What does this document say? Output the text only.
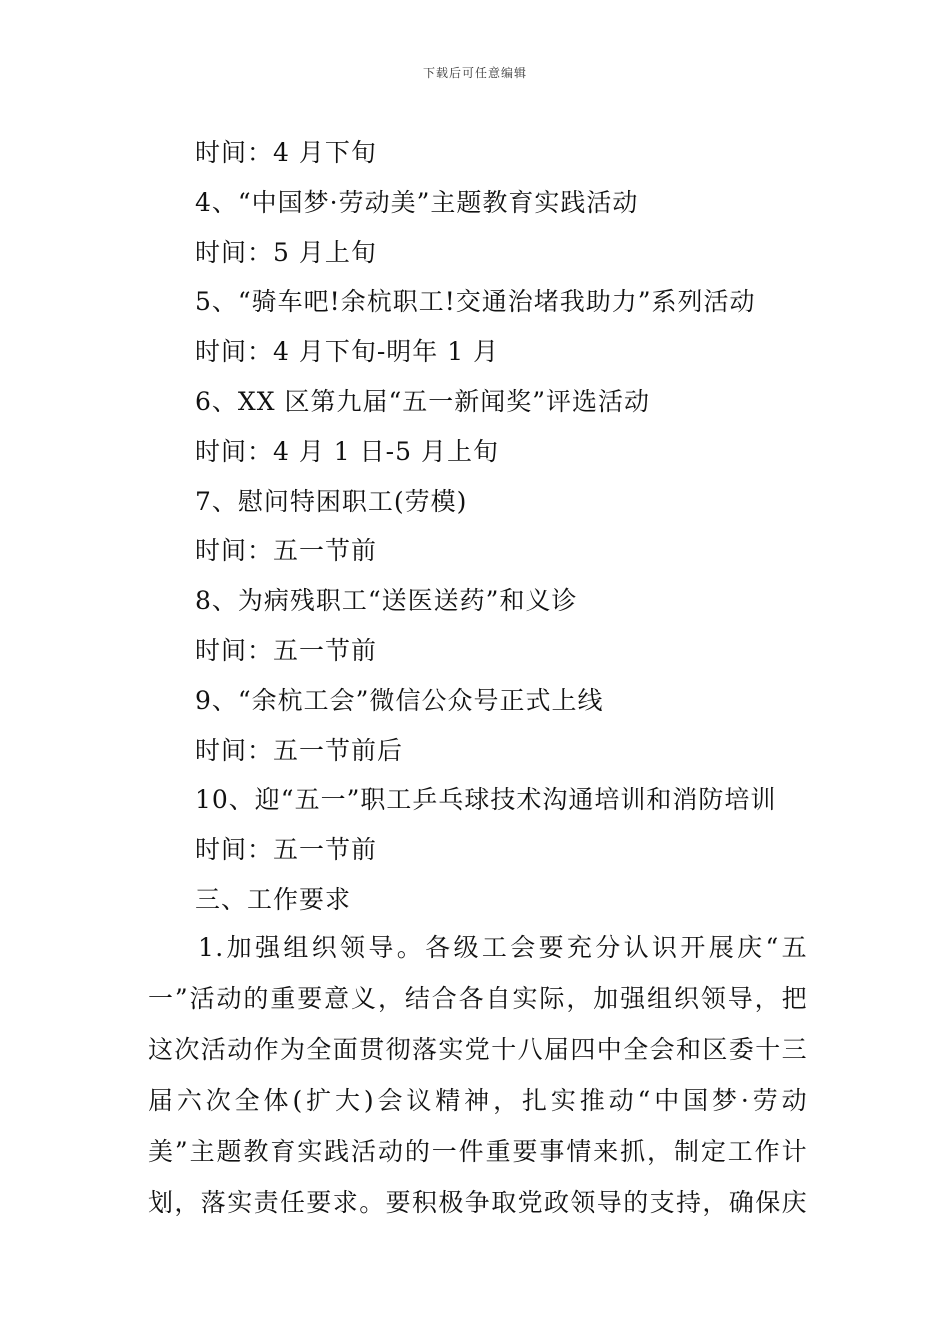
下载后可任意编辑
时间：4 月下旬
4、“中国梦·劳动美”主题教育实践活动
时间：5 月上旬
5、“骑车吧!余杭职工!交通治堵我助力”系列活动
时间：4 月下旬-明年 1 月
6、XX 区第九届“五一新闻奖”评选活动
时间：4 月 1 日-5 月上旬
7、慰问特困职工(劳模)
时间：五一节前
8、为病残职工“送医送药”和义诊
时间：五一节前
9、“余杭工会”微信公众号正式上线
时间：五一节前后
10、迎“五一”职工乒乓球技术沟通培训和消防培训
时间：五一节前
三、工作要求

1.加强组织领导。各级工会要充分认识开展庆“五一”活动的重要意义，结合各自实际，加强组织领导，把这次活动作为全面贯彻落实党十八届四中全会和区委十三届六次全体(扩大)会议精神，扎实推动“中国梦·劳动美”主题教育实践活动的一件重要事情来抓，制定工作计划，落实责任要求。要积极争取党政领导的支持，确保庆
